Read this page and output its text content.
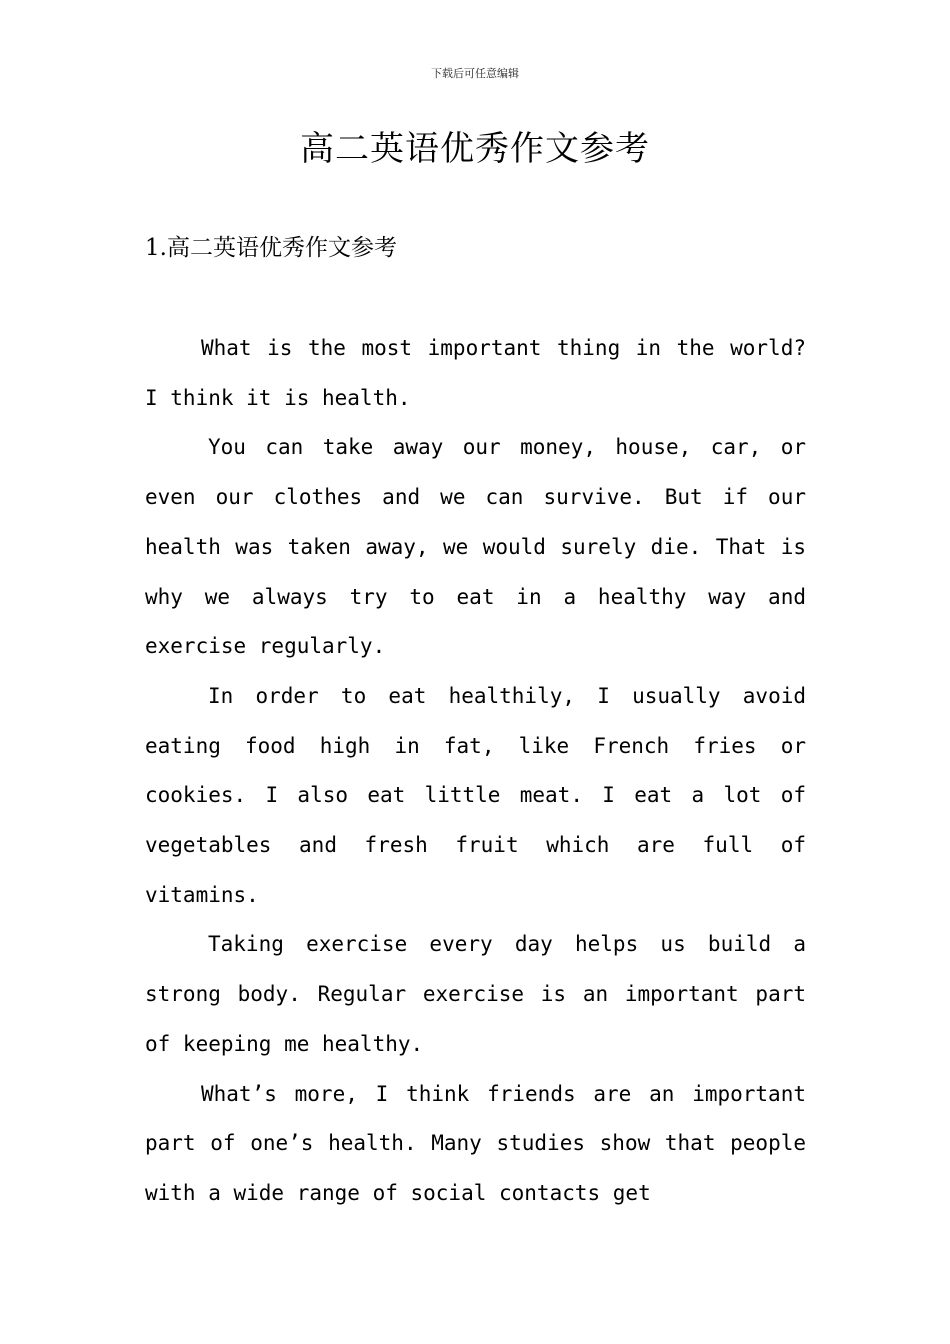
下载后可任意编辑
高二英语优秀作文参考
1.高二英语优秀作文参考

What is the most important thing in the world? I think it is health.

You can take away our money, house, car, or even our clothes and we can survive. But if our health was taken away, we would surely die. That is why we always try to eat in a healthy way and exercise regularly.

In order to eat healthily, I usually avoid eating food high in fat, like French fries or cookies. I also eat little meat. I eat a lot of vegetables and fresh fruit which are full of vitamins.

Taking exercise every day helps us build a strong body. Regular exercise is an important part of keeping me healthy.

What’s more, I think friends are an important part of one’s health. Many studies show that people with a wide range of social contacts get
